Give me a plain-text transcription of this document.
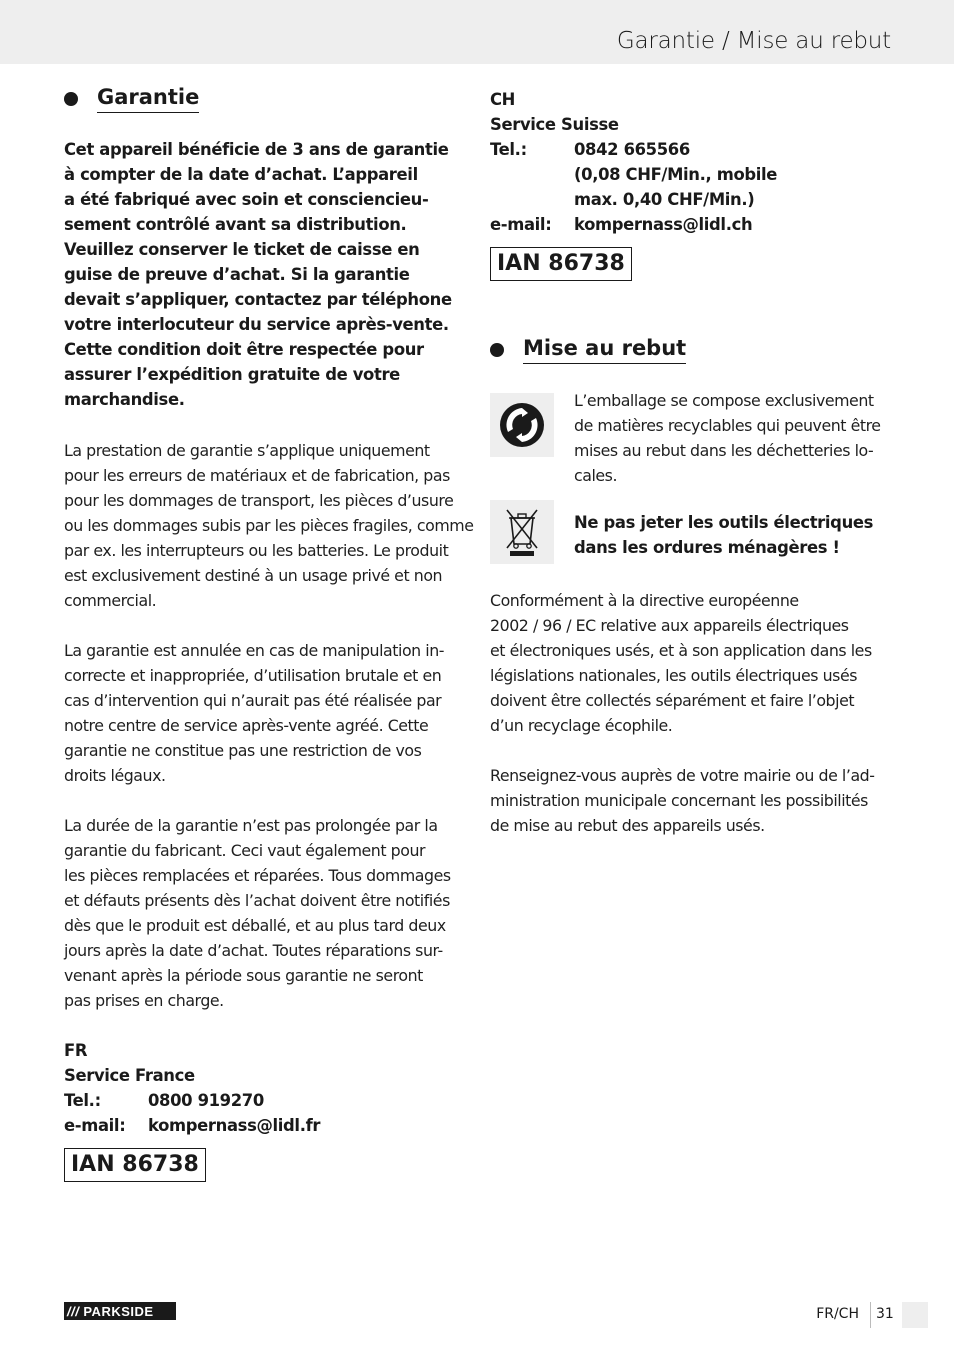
Garantie / Mise au rebut
Garantie

Cet appareil bénéficie de 3 ans de garantie
à compter de la date d’achat. L’appareil
a été fabriqué avec soin et consciencieu-
sement contrôlé avant sa distribution.
Veuillez conserver le ticket de caisse en
guise de preuve d’achat. Si la garantie
devait s’appliquer, contactez par téléphone
votre interlocuteur du service après-vente.
Cette condition doit être respectée pour
assurer l’expédition gratuite de votre
marchandise.

La prestation de garantie s’applique uniquement
pour les erreurs de matériaux et de fabrication, pas
pour les dommages de transport, les pièces d’usure
ou les dommages subis par les pièces fragiles, comme
par ex. les interrupteurs ou les batteries. Le produit
est exclusivement destiné à un usage privé et non
commercial.

La garantie est annulée en cas de manipulation in-
correcte et inappropriée, d’utilisation brutale et en
cas d’intervention qui n’aurait pas été réalisée par
notre centre de service après-vente agréé. Cette
garantie ne constitue pas une restriction de vos
droits légaux.

La durée de la garantie n’est pas prolongée par la
garantie du fabricant. Ceci vaut également pour
les pièces remplacées et réparées. Tous dommages
et défauts présents dès l’achat doivent être notifiés
dès que le produit est déballé, et au plus tard deux
jours après la date d’achat. Toutes réparations sur-
venant après la période sous garantie ne seront
pas prises en charge.

FR
Service France
Tel.:	0800 919270
e-mail:	kompernass@lidl.fr
IAN 86738
CH
Service Suisse
Tel.:	0842 665566
(0,08 CHF/Min., mobile
max. 0,40 CHF/Min.)
e-mail:	kompernass@lidl.ch
IAN 86738
Mise au rebut

L’emballage se compose exclusivement
de matières recyclables qui peuvent être
mises au rebut dans les déchetteries lo-
cales.

Ne pas jeter les outils électriques
dans les ordures ménagères !

Conformément à la directive européenne
2002 / 96 / EC relative aux appareils électriques
et électroniques usés, et à son application dans les
législations nationales, les outils électriques usés
doivent être collectés séparément et faire l’objet
d’un recyclage écophile.

Renseignez-vous auprès de votre mairie ou de l’ad-
ministration municipale concernant les possibilités
de mise au rebut des appareils usés.

/// PARKSIDE	FR/CH 31
